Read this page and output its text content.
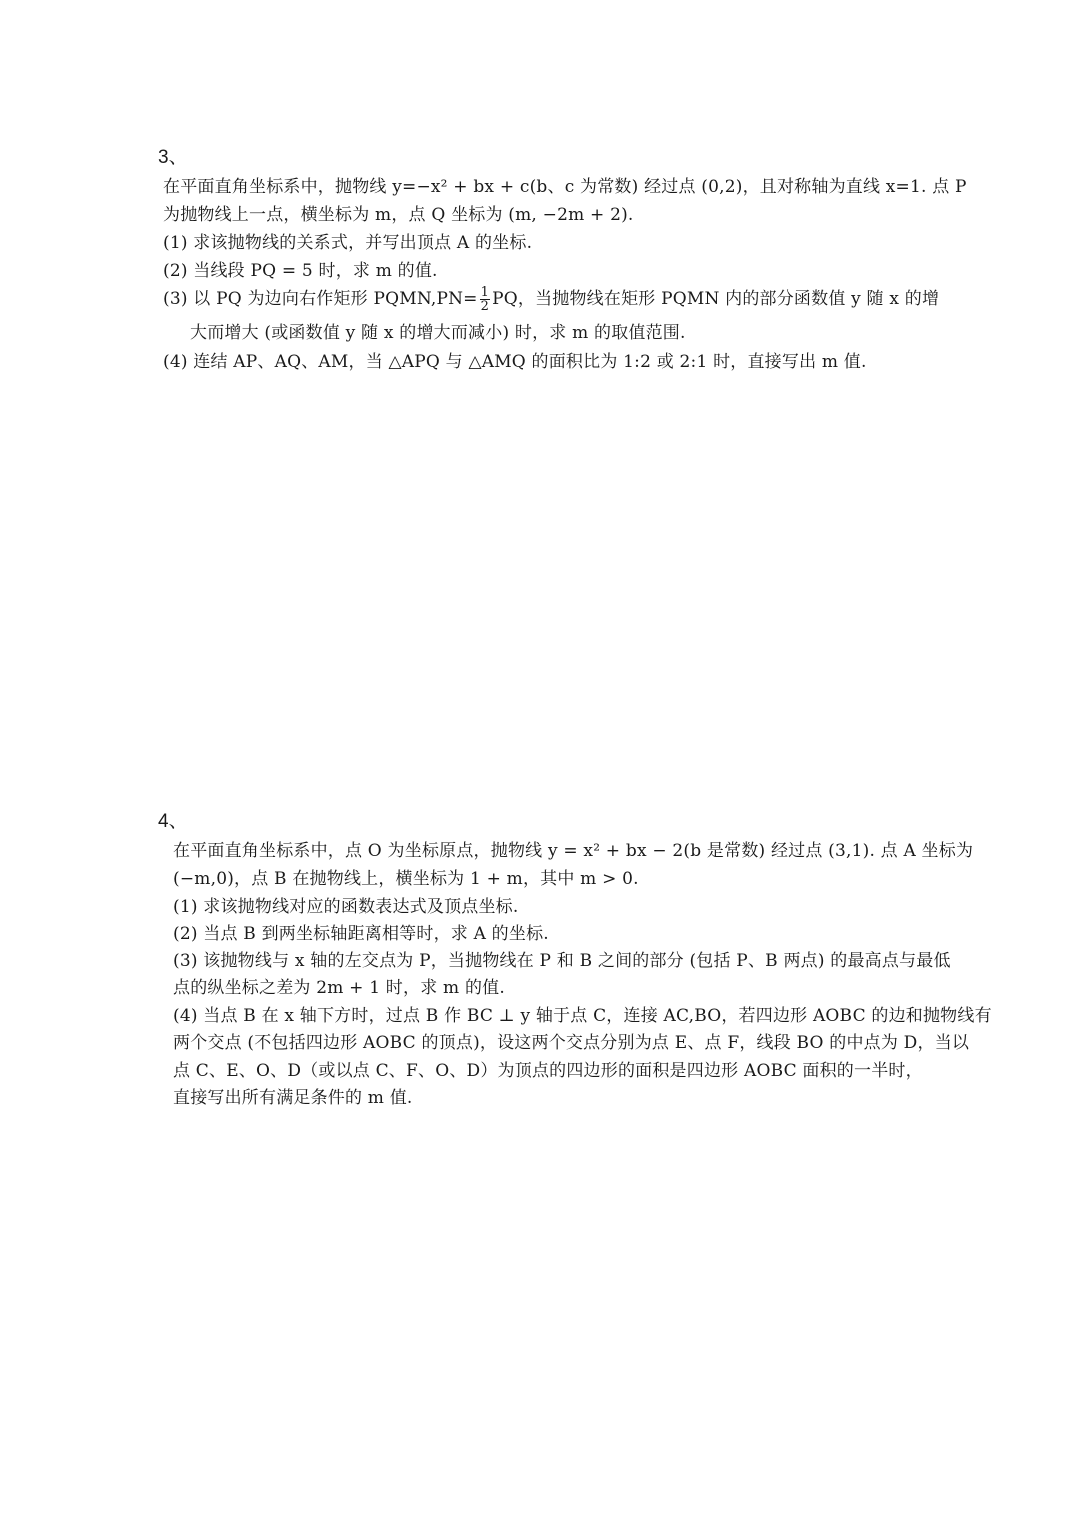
3、
在平面直角坐标系中，抛物线 y=−x² + bx + c(b、c 为常数) 经过点 (0,2)，且对称轴为直线 x=1. 点 P
为抛物线上一点，横坐标为 m，点 Q 坐标为 (m, −2m + 2).
(1) 求该抛物线的关系式，并写出顶点 A 的坐标.
(2) 当线段 PQ = 5 时，求 m 的值.
(3) 以 PQ 为边向右作矩形 PQMN,PN= $\frac{1}{2}$ PQ，当抛物线在矩形 PQMN 内的部分函数值 y 随 x 的增
大而增大 (或函数值 y 随 x 的增大而减小) 时，求 m 的取值范围.
(4) 连结 AP、AQ、AM，当 △APQ 与 △AMQ 的面积比为 1:2 或 2:1 时，直接写出 m 值.
4、
在平面直角坐标系中，点 O 为坐标原点，抛物线 y = x² + bx − 2(b 是常数) 经过点 (3,1). 点 A 坐标为
(−m,0)，点 B 在抛物线上，横坐标为 1 + m，其中 m > 0.
(1) 求该抛物线对应的函数表达式及顶点坐标.
(2) 当点 B 到两坐标轴距离相等时，求 A 的坐标.
(3) 该抛物线与 x 轴的左交点为 P，当抛物线在 P 和 B 之间的部分 (包括 P、B 两点) 的最高点与最低
点的纵坐标之差为 2m + 1 时，求 m 的值.
(4) 当点 B 在 x 轴下方时，过点 B 作 BC ⊥ y 轴于点 C，连接 AC,BO，若四边形 AOBC 的边和抛物线有
两个交点 (不包括四边形 AOBC 的顶点)，设这两个交点分别为点 E、点 F，线段 BO 的中点为 D，当以
点 C、E、O、D（或以点 C、F、O、D）为顶点的四边形的面积是四边形 AOBC 面积的一半时，
直接写出所有满足条件的 m 值.
